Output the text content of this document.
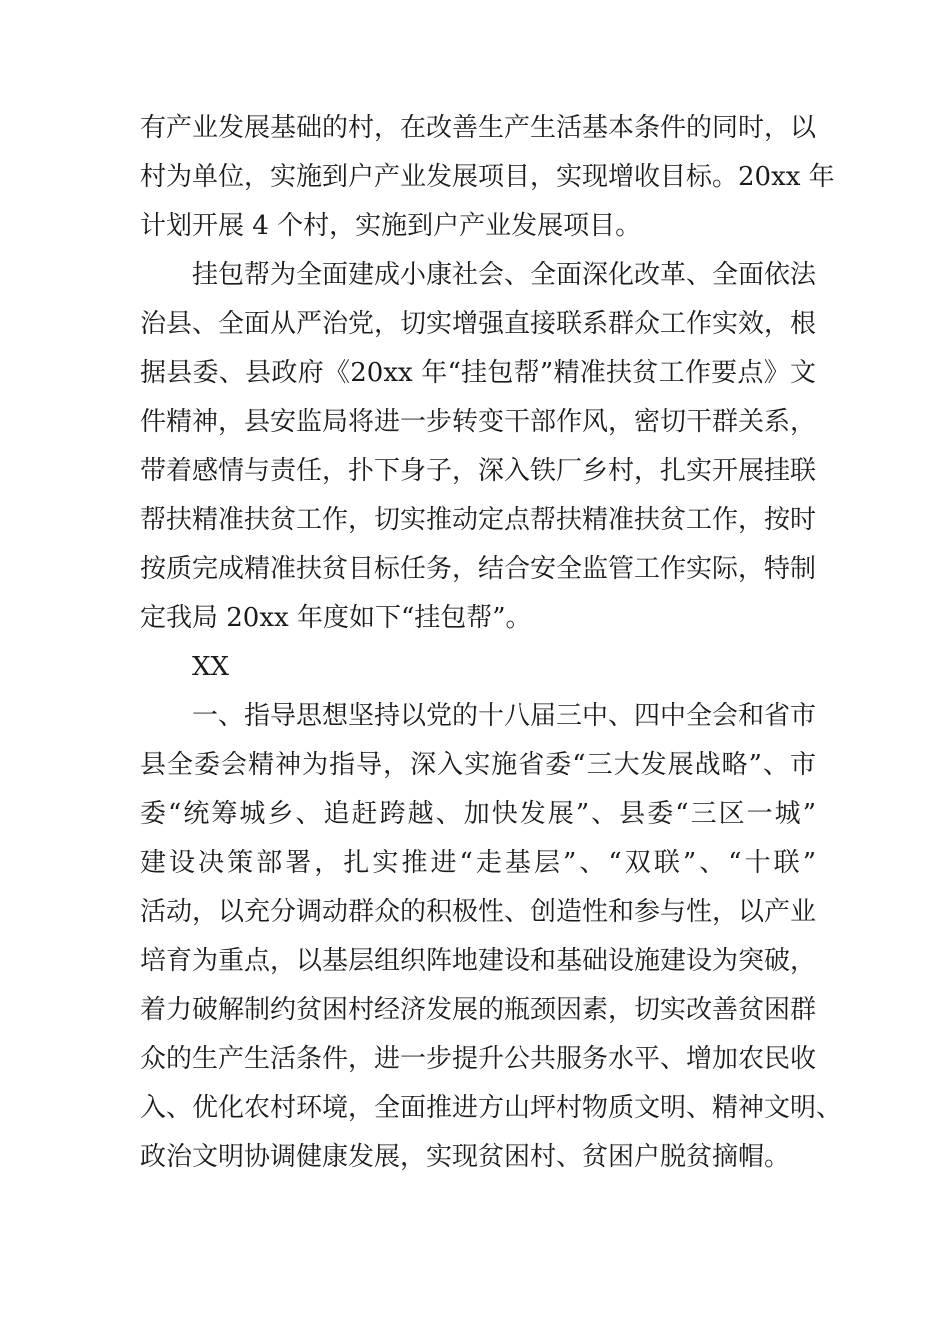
有产业发展基础的村，在改善生产生活基本条件的同时，以
村为单位，实施到户产业发展项目，实现增收目标。20xx 年
计划开展 4 个村，实施到户产业发展项目。
挂包帮为全面建成小康社会、全面深化改革、全面依法
治县、全面从严治党，切实增强直接联系群众工作实效，根
据县委、县政府《20xx 年“挂包帮”精准扶贫工作要点》文
件精神，县安监局将进一步转变干部作风，密切干群关系，
带着感情与责任，扑下身子，深入铁厂乡村，扎实开展挂联
帮扶精准扶贫工作，切实推动定点帮扶精准扶贫工作，按时
按质完成精准扶贫目标任务，结合安全监管工作实际，特制
定我局 20xx 年度如下“挂包帮”。
XX
一、指导思想坚持以党的十八届三中、四中全会和省市
县全委会精神为指导，深入实施省委“三大发展战略”、市
委“统筹城乡、追赶跨越、加快发展”、县委“三区一城”
建设决策部署，扎实推进“走基层”、“双联”、“十联”
活动，以充分调动群众的积极性、创造性和参与性，以产业
培育为重点，以基层组织阵地建设和基础设施建设为突破，
着力破解制约贫困村经济发展的瓶颈因素，切实改善贫困群
众的生产生活条件，进一步提升公共服务水平、增加农民收
入、优化农村环境，全面推进方山坪村物质文明、精神文明、
政治文明协调健康发展，实现贫困村、贫困户脱贫摘帽。
